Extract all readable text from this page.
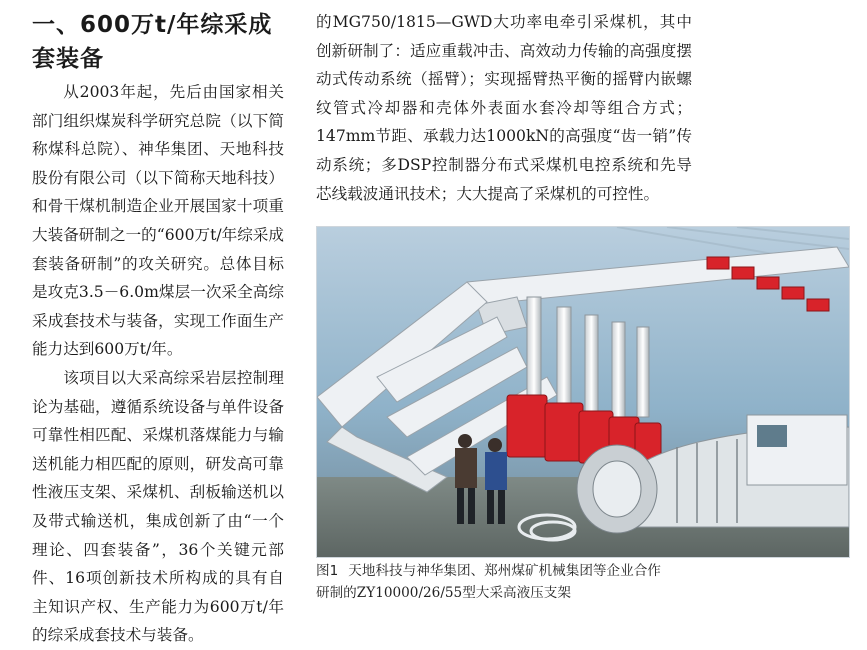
一、600万t/年综采成
套装备

从2003年起，先后由国家相关部门组织煤炭科学研究总院（以下简称煤科总院）、神华集团、天地科技股份有限公司（以下简称天地科技）和骨干煤机制造企业开展国家十项重大装备研制之一的“600万t/年综采成套装备研制”的攻关研究。总体目标是攻克3.5－6.0m煤层一次采全高综采成套技术与装备，实现工作面生产能力达到600万t/年。

该项目以大采高综采岩层控制理论为基础，遵循系统设备与单件设备可靠性相匹配、采煤机落煤能力与输送机能力相匹配的原则，研发高可靠性液压支架、采煤机、刮板输送机以及带式输送机，集成创新了由“一个理论、四套装备”，36个关键元部件、16项创新技术所构成的具有自主知识产权、生产能力为600万t/年的综采成套技术与装备。

的MG750/1815—GWD大功率电牵引采煤机，其中创新研制了：适应重载冲击、高效动力传输的高强度摆动式传动系统（摇臂）；实现摇臂热平衡的摇臂内嵌螺纹管式冷却器和壳体外表面水套冷却等组合方式；147mm节距、承载力达1000kN的高强度“齿一销”传动系统；多DSP控制器分布式采煤机电控系统和先导芯线载波通讯技术；大大提高了采煤机的可控性。

图1 天地科技与神华集团、郑州煤矿机械集团等企业合作
研制的ZY10000/26/55型大采高液压支架
